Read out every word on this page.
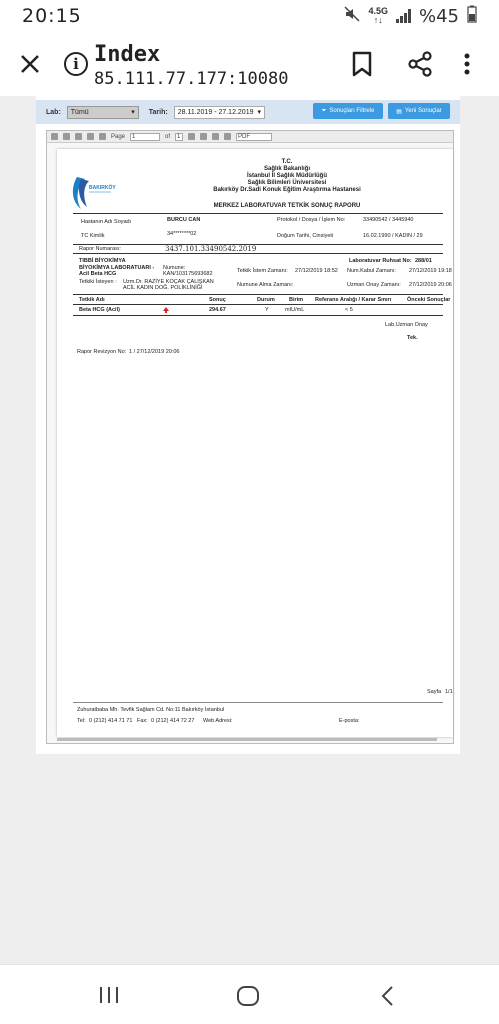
20:15	4.5G
↑↓ %45
i Index
85.111.77.177:10080
Lab: Tümü	▾ Tarih: 28.11.2019 - 27.12.2019 ▾	⏷ Sonuçları Filtrele	▤ Yeni Sonuçlar
Page	1	of	1	PDF
BAKIRKÖY
T.C.
Sağlık Bakanlığı
İstanbul İl Sağlık Müdürlüğü
Sağlık Bilimleri Üniversitesi
Bakırköy Dr.Sadi Konuk Eğitim Araştırma Hastanesi
MERKEZ LABORATUVAR TETKİK SONUÇ RAPORU
Hastanın Adı Soyadı	BURCU CAN	Protokol / Dosya / İşlem No:	33490542 / 3445940
TC Kimlik	34********02	Doğum Tarihi, Cinsiyeti	16.02.1990 / KADIN / 29
Rapor Numarası:	3437.101.33490542.2019
TIBBİ BİYOKİMYA	Laboratuvar Ruhsat No: 288/01
BİYOKİMYA LABORATUARI -
Acil Beta HCG
Numune:
KAN/103175693682	Tetkik İstem Zamanı: 27/12/2019 18:52 Num.Kabul Zamanı: 27/12/2019 19:18
Tetkiki İsteyen : Uzm.Dr. RAZİYE KOÇAK ÇALIŞKAN
ACİL KADIN DOĞ. POLİKLİNİĞİ	Numune Alma Zamanı:	Uzman Onay Zamanı: 27/12/2019 20:06
Tetkik Adı	Sonuç	Durum	Birim Referans Aralığı / Karar Sınırı	Önceki Sonuçlar
Beta HCG (Acil)	294.67	Y	mIU/mL	< 5
Lab.Uzman Onay
Tek.
Rapor Revizyon No: 1 / 27/12/2019 20:06
Sayfa 1/1
Zuhuratbaba Mh. Tevfik Sağlam Cd. No:11 Bakırköy İstanbul
Tel: 0 (212) 414 71 71 Fax: 0 (212) 414 72 27 Web Adresi:	E-posta:
